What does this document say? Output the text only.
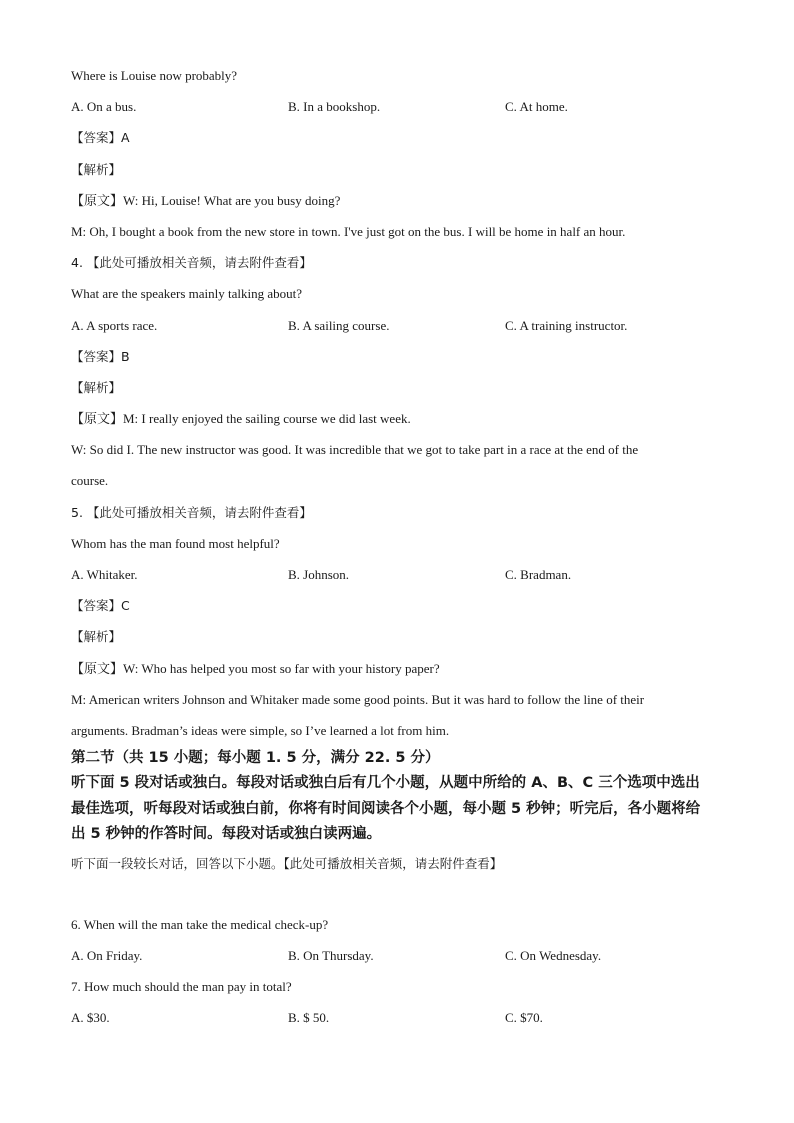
Where is Louise now probably?
A. On a bus.	B. In a bookshop.	C. At home.
【答案】A
【解析】
【原文】W: Hi, Louise! What are you busy doing?
M: Oh, I bought a book from the new store in town. I've just got on the bus. I will be home in half an hour.
4. 【此处可播放相关音频，请去附件查看】
What are the speakers mainly talking about?
A. A sports race.	B. A sailing course.	C. A training instructor.
【答案】B
【解析】
【原文】M: I really enjoyed the sailing course we did last week.
W: So did I. The new instructor was good. It was incredible that we got to take part in a race at the end of the
course.
5. 【此处可播放相关音频，请去附件查看】
Whom has the man found most helpful?
A. Whitaker.	B. Johnson.	C. Bradman.
【答案】C
【解析】
【原文】W: Who has helped you most so far with your history paper?
M: American writers Johnson and Whitaker made some good points. But it was hard to follow the line of their
arguments. Bradman’s ideas were simple, so I’ve learned a lot from him.
第二节（共 15 小题；每小题 1. 5 分，满分 22. 5 分）
听下面 5 段对话或独白。每段对话或独白后有几个小题，从题中所给的 A、B、C 三个选项中选出最佳选项，听每段对话或独白前，你将有时间阅读各个小题，每小题 5 秒钟；听完后，各小题将给出 5 秒钟的作答时间。每段对话或独白读两遍。
听下面一段较长对话，回答以下小题。【此处可播放相关音频，请去附件查看】
6. When will the man take the medical check-up?
A. On Friday.	B. On Thursday.	C. On Wednesday.
7. How much should the man pay in total?
A. $30.	B. $ 50.	C. $70.
